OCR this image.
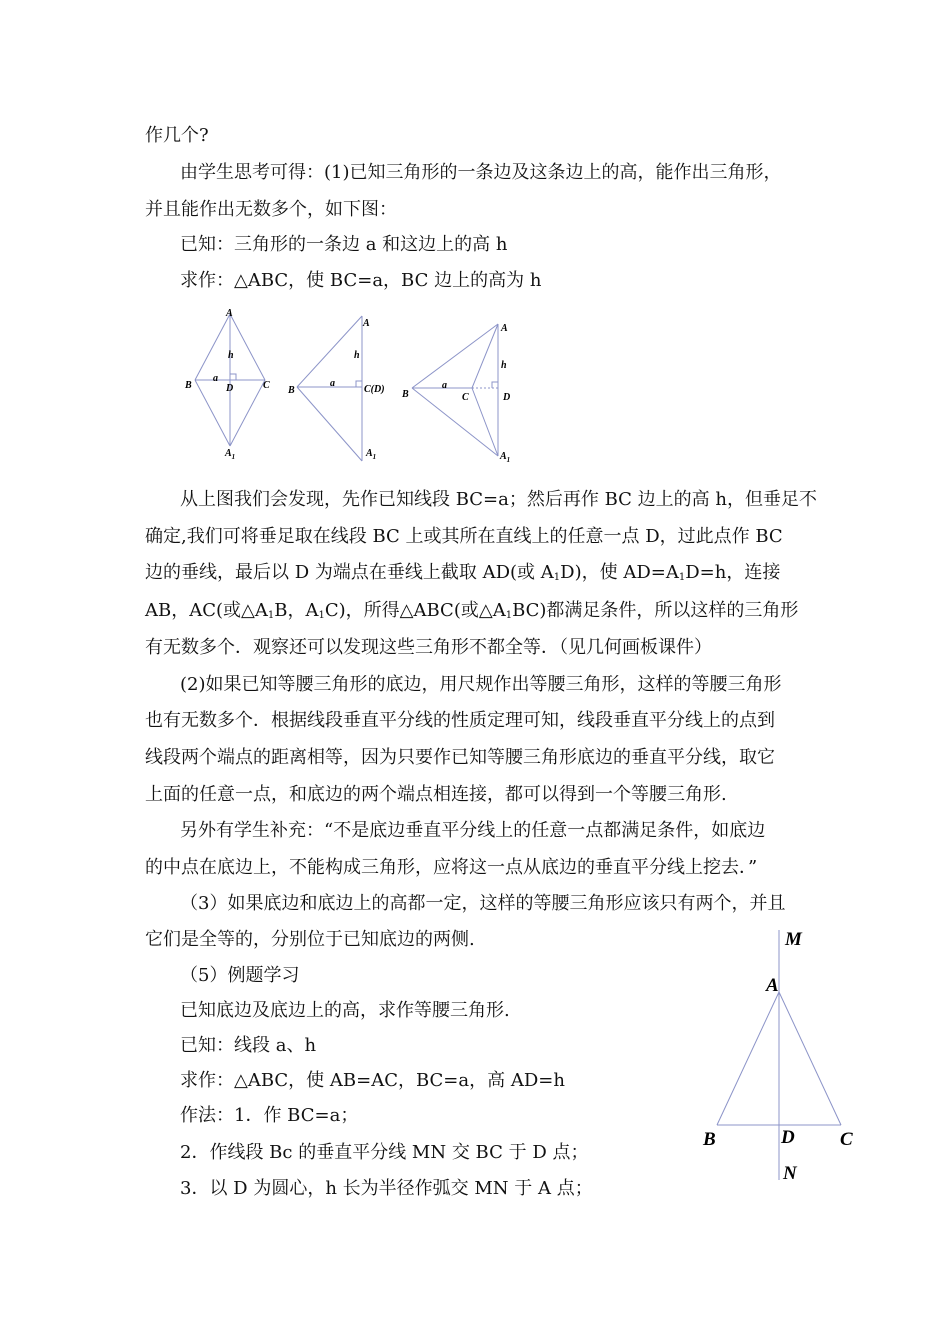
作几个?
由学生思考可得：(1)已知三角形的一条边及这条边上的高，能作出三角形，
并且能作出无数多个，如下图：
已知：三角形的一条边 a 和这边上的高 h
求作：△ABC，使 BC=a，BC 边上的高为 h
A
h
a
B	D	C
$A_1$
A
h
a
B	C(D)
$A_1$
A
h
a
B	C	D
$A_1$
从上图我们会发现，先作已知线段 BC=a；然后再作 BC 边上的高 h，但垂足不
确定,我们可将垂足取在线段 BC 上或其所在直线上的任意一点 D，过此点作 BC
边的垂线，最后以 D 为端点在垂线上截取 AD(或 $A_1D$)，使 $AD=A_1D=h$，连接
AB，AC(或$\triangle A_1B$，$A_1C$)，所得△ABC(或$\triangle A_1BC$)都满足条件，所以这样的三角形
有无数多个．观察还可以发现这些三角形不都全等．（见几何画板课件）
(2)如果已知等腰三角形的底边，用尺规作出等腰三角形，这样的等腰三角形
也有无数多个．根据线段垂直平分线的性质定理可知，线段垂直平分线上的点到
线段两个端点的距离相等，因为只要作已知等腰三角形底边的垂直平分线，取它
上面的任意一点，和底边的两个端点相连接，都可以得到一个等腰三角形.
另外有学生补充：“不是底边垂直平分线上的任意一点都满足条件，如底边
的中点在底边上，不能构成三角形，应将这一点从底边的垂直平分线上挖去．”
（3）如果底边和底边上的高都一定，这样的等腰三角形应该只有两个，并且
它们是全等的，分别位于已知底边的两侧.
（5）例题学习
已知底边及底边上的高，求作等腰三角形.
已知：线段 a、h
求作：△ABC，使 AB=AC，BC=a，高 AD=h
作法：1．作 BC=a；
2．作线段 Bc 的垂直平分线 MN 交 BC 于 D 点；
3．以 D 为圆心，h 长为半径作弧交 MN 于 A 点；
M
A
B	D C
N
